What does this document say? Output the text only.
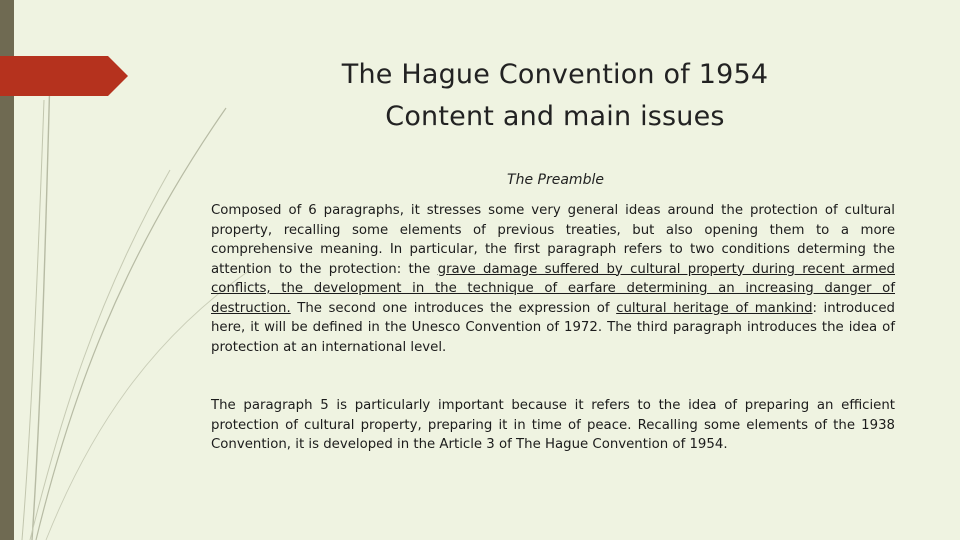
The Hague Convention of 1954
Content and main issues
The Preamble
Composed of 6 paragraphs, it stresses some very general ideas around the protection of cultural property, recalling some elements of previous treaties, but also opening them to a more comprehensive meaning. In particular, the first paragraph refers to two conditions determing the attention to the protection: the grave damage suffered by cultural property during recent armed conflicts, the development in the technique of earfare determining an increasing danger of destruction. The second one introduces the expression of cultural heritage of mankind: introduced here, it will be defined in the Unesco Convention of 1972. The third paragraph introduces the idea of protection at an international level.
The paragraph 5 is particularly important because it refers to the idea of preparing an efficient protection of cultural property, preparing it in time of peace. Recalling some elements of the 1938 Convention, it is developed in the Article 3 of The Hague Convention of 1954.
